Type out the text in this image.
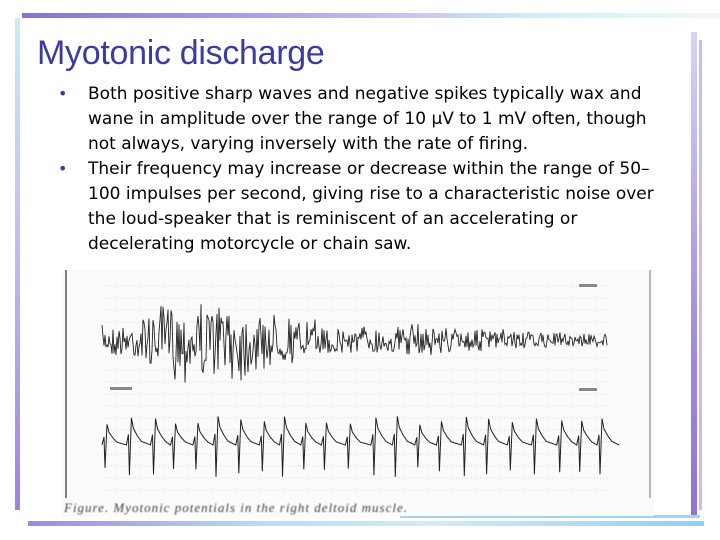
Myotonic discharge
• Both positive sharp waves and negative spikes typically wax and wane in amplitude over the range of 10 µV to 1 mV often, though not always, varying inversely with the rate of firing.
• Their frequency may increase or decrease within the range of 50–100 impulses per second, giving rise to a characteristic noise over the loud-speaker that is reminiscent of an accelerating or decelerating motorcycle or chain saw.
Figure. Myotonic potentials in the right deltoid muscle.
